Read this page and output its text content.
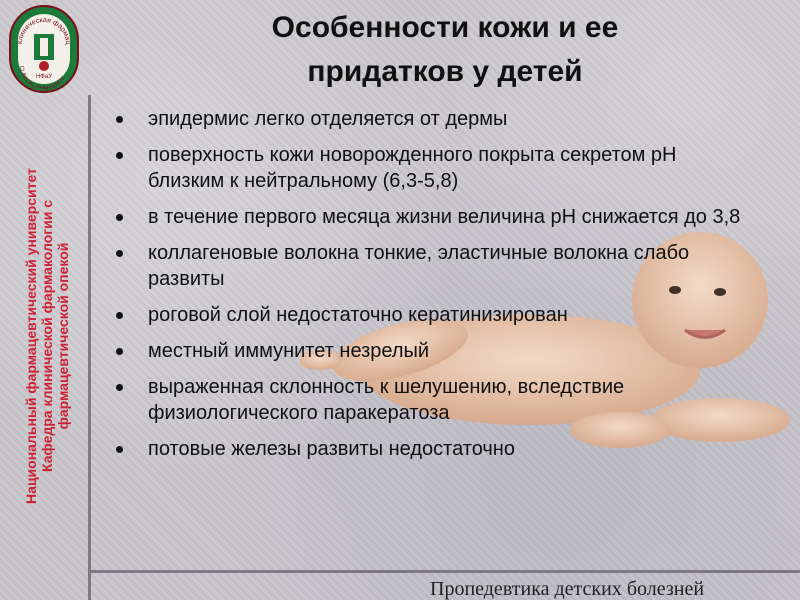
клиническая фармац
CLINICAL PHARMACY
НФаУ
Национальный фармацевтический университет Кафедра клинической фармакологии с фармацевтической опекой
Особенности кожи и ее
придатков у детей
эпидермис легко отделяется от дермы
поверхность кожи новорожденного покрыта секретом рН близким к нейтральному (6,3-5,8)
в течение первого месяца жизни величина рН снижается до 3,8
коллагеновые волокна тонкие, эластичные волокна слабо развиты
роговой слой недостаточно кератинизирован
местный иммунитет незрелый
выраженная склонность к шелушению, вследствие физиологического паракератоза
потовые железы развиты недостаточно
Пропедевтика детских болезней
